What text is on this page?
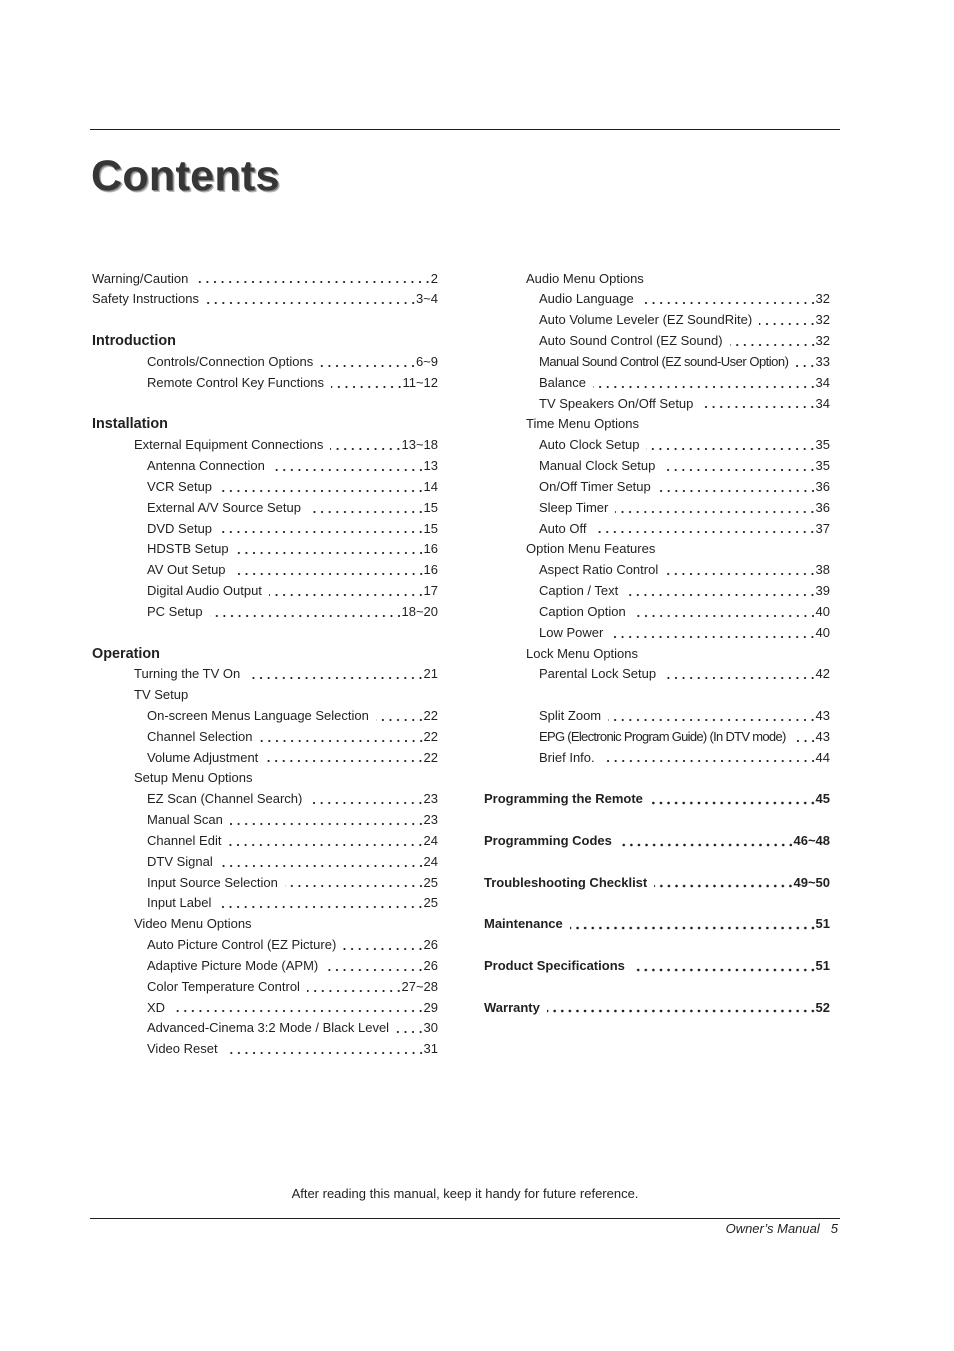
Contents
Warning/Caution	2
Safety Instructions	3~4
Introduction
Controls/Connection Options	6~9
Remote Control Key Functions	11~12
Installation
External Equipment Connections	13~18
Antenna Connection	13
VCR Setup	14
External A/V Source Setup	15
DVD Setup	15
HDSTB Setup	16
AV Out Setup	16
Digital Audio Output	17
PC Setup	18~20
Operation
Turning the TV On	21
TV Setup
On-screen Menus Language Selection	22
Channel Selection	22
Volume Adjustment	22
Setup Menu Options
EZ Scan (Channel Search)	23
Manual Scan	23
Channel Edit	24
DTV Signal	24
Input Source Selection	25
Input Label	25
Video Menu Options
Auto Picture Control (EZ Picture)	26
Adaptive Picture Mode (APM)	26
Color Temperature Control	27~28
XD	29
Advanced-Cinema 3:2 Mode / Black Level	30
Video Reset	31
Audio Menu Options
Audio Language	32
Auto Volume Leveler (EZ SoundRite)	32
Auto Sound Control (EZ Sound)	32
Manual Sound Control (EZ sound-User Option) 33
Balance	34
TV Speakers On/Off Setup	34
Time Menu Options
Auto Clock Setup	35
Manual Clock Setup	35
On/Off Timer Setup	36
Sleep Timer	36
Auto Off	37
Option Menu Features
Aspect Ratio Control	38
Caption / Text	39
Caption Option	40
Low Power	40
Lock Menu Options
Parental Lock Setup	42
Split Zoom	43
EPG (Electronic Program Guide) (In DTV mode) 43
Brief Info.	44
Programming the Remote	45
Programming Codes	46~48
Troubleshooting Checklist	49~50
Maintenance	51
Product Specifications	51
Warranty	52
After reading this manual, keep it handy for future reference.
Owner’s Manual 5
